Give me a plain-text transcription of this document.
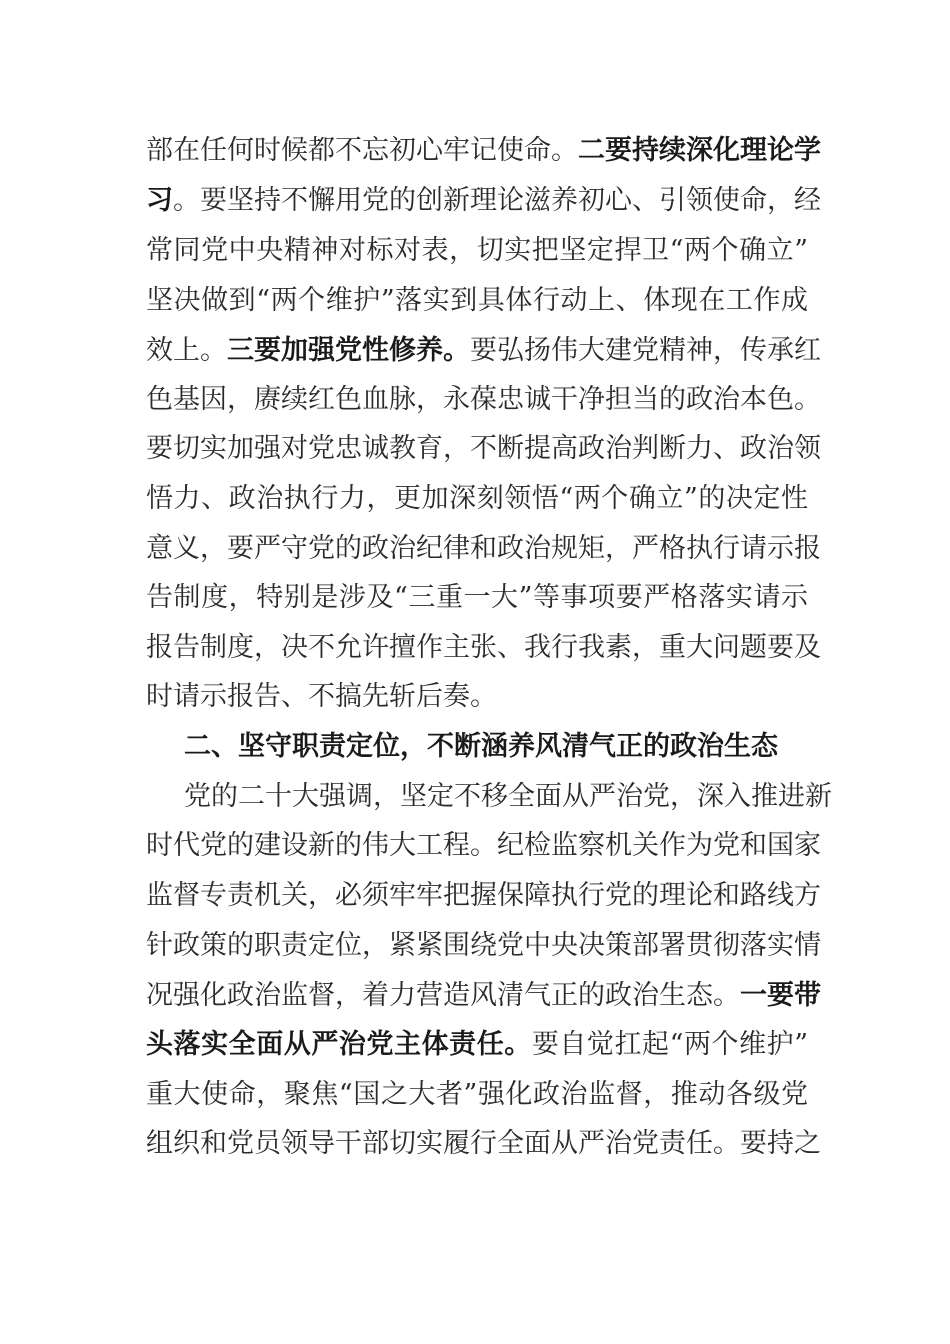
部在任何时候都不忘初心牢记使命。二要持续深化理论学
习。要坚持不懈用党的创新理论滋养初心、引领使命，经
常同党中央精神对标对表，切实把坚定捍卫“两个确立”
坚决做到“两个维护”落实到具体行动上、体现在工作成
效上。三要加强党性修养。要弘扬伟大建党精神，传承红
色基因，赓续红色血脉，永葆忠诚干净担当的政治本色。
要切实加强对党忠诚教育，不断提高政治判断力、政治领
悟力、政治执行力，更加深刻领悟“两个确立”的决定性
意义，要严守党的政治纪律和政治规矩，严格执行请示报
告制度，特别是涉及“三重一大”等事项要严格落实请示
报告制度，决不允许擅作主张、我行我素，重大问题要及
时请示报告、不搞先斩后奏。
二、坚守职责定位，不断涵养风清气正的政治生态
党的二十大强调，坚定不移全面从严治党，深入推进新
时代党的建设新的伟大工程。纪检监察机关作为党和国家
监督专责机关，必须牢牢把握保障执行党的理论和路线方
针政策的职责定位，紧紧围绕党中央决策部署贯彻落实情
况强化政治监督，着力营造风清气正的政治生态。一要带
头落实全面从严治党主体责任。要自觉扛起“两个维护”
重大使命，聚焦“国之大者”强化政治监督，推动各级党
组织和党员领导干部切实履行全面从严治党责任。要持之
